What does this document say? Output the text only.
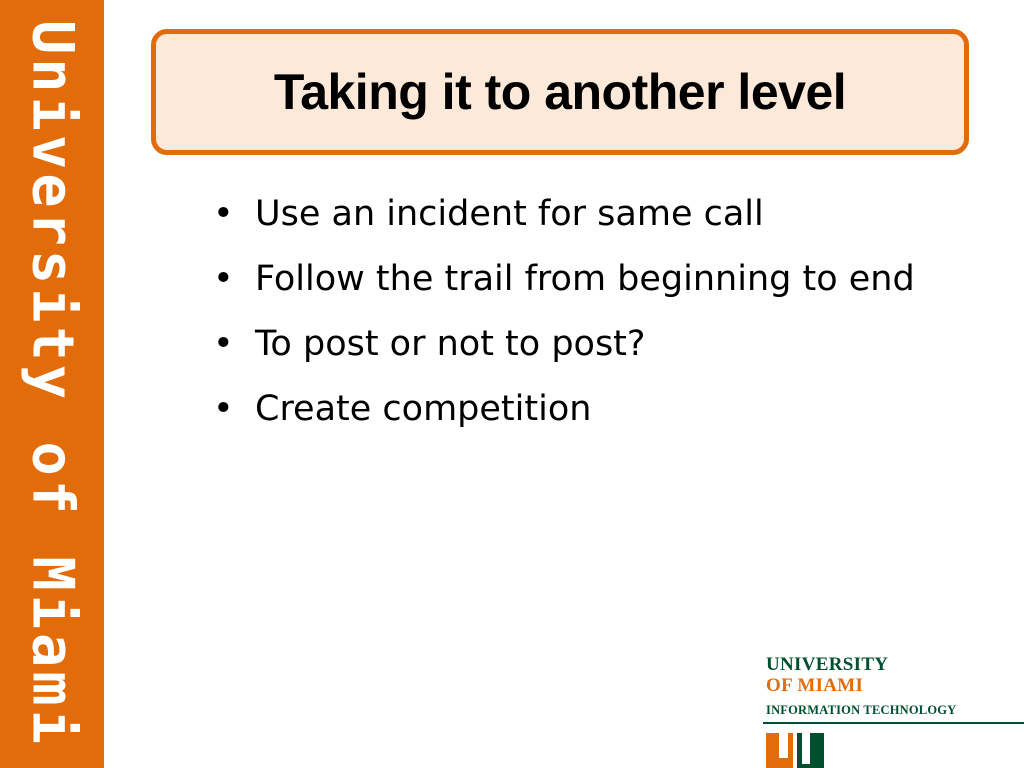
University of Miami	Taking it to another level
• Use an incident for same call
• Follow the trail from beginning to end
• To post or not to post?
• Create competition
UNIVERSITY
OF MIAMI
INFORMATION TECHNOLOGY
